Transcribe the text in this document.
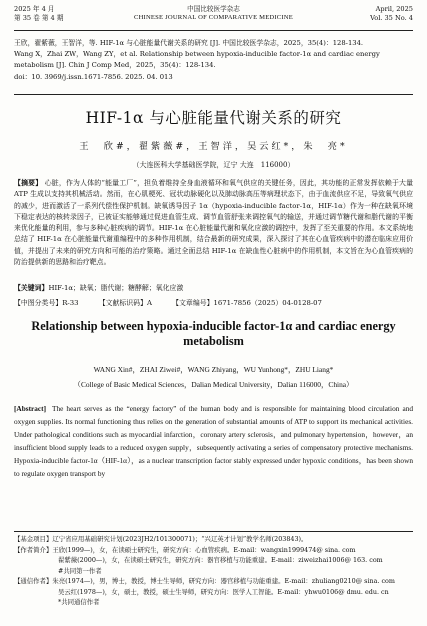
2025 年 4 月
第 35 卷 第 4 期
中国比较医学杂志
CHINESE JOURNAL OF COMPARATIVE MEDICINE
April, 2025
Vol. 35 No. 4

王欣，翟紫薇，王智洋，等. HIF-1α 与心脏能量代谢关系的研究 [J]. 中国比较医学杂志，2025，35(4)：128-134.

Wang X，Zhai ZW，Wang ZY，et al. Relationship between hypoxia-inducible factor-1α and cardiac energy metabolism [J]. Chin J Comp Med，2025，35(4)：128-134.

doi：10. 3969/j.issn.1671-7856. 2025. 04. 013

HIF-1α 与心脏能量代谢关系的研究
王　欣#，翟紫薇#，王智洋，吴云红*，朱　亮*
（大连医科大学基础医学院，辽宁 大连　116000）

【摘要】 心脏，作为人体的“能量工厂”，担负着维持全身血液循环和氧气供应的关键任务，因此，其功能的正常发挥依赖于大量 ATP 生成以支持其机械活动。然而，在心肌梗死、冠状动脉硬化以及肺动脉高压等病理状态下，由于血流供应不足，导致氧气供应的减少，进而激活了一系列代偿性保护机制。缺氧诱导因子 1α（hypoxia-inducible factor-1α，HIF-1α）作为一种在缺氧环境下稳定表达的核转录因子，已被证实能够通过促进血管生成、调节血管舒张来调控氧气的输送，并通过调节糖代谢和脂代谢的平衡来优化能量的利用，参与多种心脏疾病的调节。HIF-1α 在心脏能量代谢和氧化应激的调控中，发挥了至关重要的作用。本文系统地总结了 HIF-1α 在心脏能量代谢重编程中的多种作用机制，结合最新的研究成果，深入探讨了其在心血管疾病中的潜在临床应用价值，并提出了未来的研究方向和可能的治疗策略。通过全面总结 HIF-1α 在缺血性心脏病中的作用机制，本文旨在为心血管疾病的防治提供新的思路和治疗靶点。

【关键词】HIF-1α；缺氧；脂代谢；糖酵解；氧化应激
【中图分类号】R-33	【文献标识码】A	【文章编号】1671-7856（2025）04-0128-07
Relationship between hypoxia-inducible factor-1α and cardiac energy metabolism
WANG Xin#，ZHAI Ziwei#，WANG Zhiyang，WU Yunhong*，ZHU Liang*
（College of Basic Medical Sciences，Dalian Medical University，Dalian 116000，China）
[Abstract] The heart serves as the “energy factory” of the human body and is responsible for maintaining blood circulation and oxygen supplies. Its normal functioning thus relies on the generation of substantial amounts of ATP to support its mechanical activities. Under pathological conditions such as myocardial infarction，coronary artery sclerosis，and pulmonary hypertension，however，an insufficient blood supply leads to a reduced oxygen supply，subsequently activating a series of compensatory protective mechanisms. Hypoxia-inducible factor-1α（HIF-1α），as a nuclear transcription factor stably expressed under hypoxic conditions，has been shown to regulate oxygen transport by

【基金项目】辽宁省应用基础研究计划(2023JH2/101300071)；“兴辽英才计划”教学名师(203843)。

【作者简介】王欣(1999—)，女，在读硕士研究生，研究方向：心血管疾病。E-mail：wangxin1999474@ sina. com

翟紫薇(2000—)，女，在读硕士研究生，研究方向：器官移植与功能重建。E-mail：ziweizhai1006@ 163. com

#共同第一作者

【通信作者】朱亮(1974—)，男，博士，教授，博士生导师，研究方向：器官移植与功能重建。E-mail：zhuliang0210@ sina. com

吴云红(1978—)，女，硕士，教授，硕士生导师，研究方向：医学人工智能。E-mail：yhwu0106@ dmu. edu. cn

*共同通信作者
